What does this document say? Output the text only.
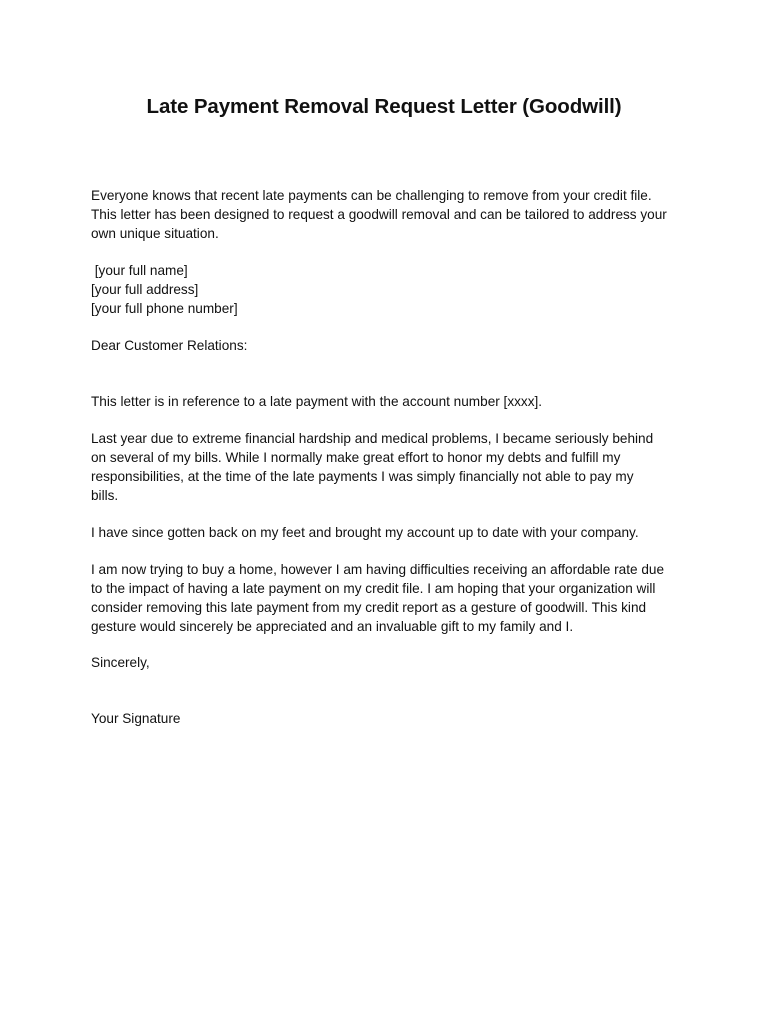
Late Payment Removal Request Letter (Goodwill)
Everyone knows that recent late payments can be challenging to remove from your credit file.
This letter has been designed to request a goodwill removal and can be tailored to address your
own unique situation.
[your full name]
[your full address]
[your full phone number]
Dear Customer Relations:
This letter is in reference to a late payment with the account number [xxxx].
Last year due to extreme financial hardship and medical problems, I became seriously behind
on several of my bills. While I normally make great effort to honor my debts and fulfill my
responsibilities, at the time of the late payments I was simply financially not able to pay my
bills.
I have since gotten back on my feet and brought my account up to date with your company.
I am now trying to buy a home, however I am having difficulties receiving an affordable rate due
to the impact of having a late payment on my credit file. I am hoping that your organization will
consider removing this late payment from my credit report as a gesture of goodwill. This kind
gesture would sincerely be appreciated and an invaluable gift to my family and I.
Sincerely,
Your Signature
